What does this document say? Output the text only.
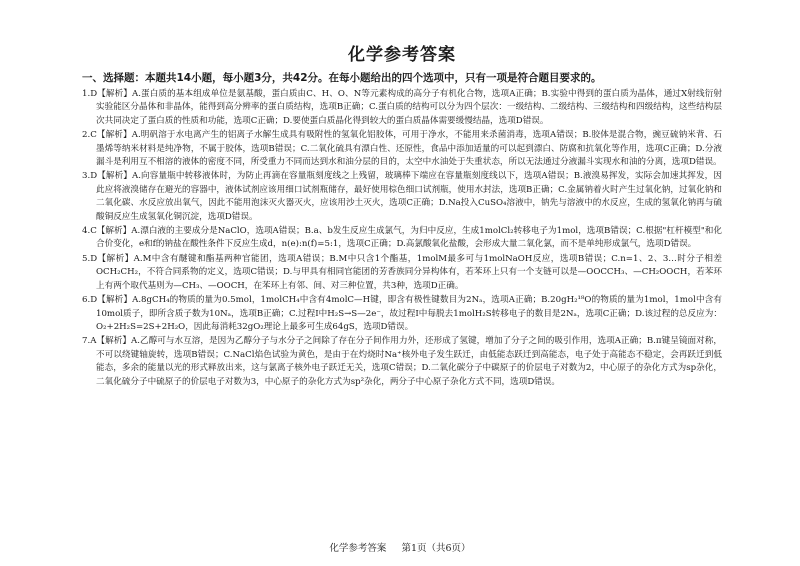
化学参考答案
一、选择题：本题共14小题，每小题3分，共42分。在每小题给出的四个选项中，只有一项是符合题目要求的。
1.D【解析】A.蛋白质的基本组成单位是氨基酸，蛋白质由C、H、O、N等元素构成的高分子有机化合物，选项A正确；B.实验中得到的蛋白质为晶体，通过X射线衍射实验能区分晶体和非晶体，能得到高分辨率的蛋白质结构，选项B正确；C.蛋白质的结构可以分为四个层次：一级结构、二级结构、三级结构和四级结构，这些结构层次共同决定了蛋白质的性质和功能，选项C正确；D.要使蛋白质晶化得到较大的蛋白质晶体需要缓慢结晶，选项D错误。
2.C【解析】A.明矾溶于水电离产生的铝离子水解生成具有吸附性的氢氧化铝胶体，可用于净水，不能用来杀菌消毒，选项A错误；B.胶体是混合物，豌豆硫钠米背、石墨烯等纳米材料是纯净物，不属于胶体，选项B错误；C.二氧化硫具有漂白性、还原性，食品中添加适量的可以起到漂白、防腐和抗氧化等作用，选项C正确；D.分液漏斗是利用互不相溶的液体的密度不同，所受重力不同而达到水和油分层的目的，太空中水油处于失重状态，所以无法通过分液漏斗实现水和油的分离，选项D错误。
3.D【解析】A.向容量瓶中转移液体时，为防止再滴在容量瓶刻度线之上残留，玻璃棒下端应在容量瓶刻度线以下，选项A错误；B.液溴易挥发，实际会加速其挥发，因此应将液溴储存在避光的容器中，液体试剂应该用细口试剂瓶储存，最好使用棕色细口试剂瓶，使用水封法，选项B正确；C.金属钠着火时产生过氧化钠，过氧化钠和二氧化碳、水反应放出氧气，因此不能用泡沫灭火器灭火，应该用沙土灭火，选项C正确；D.Na投入CuSO₄溶液中，钠先与溶液中的水反应，生成的氢氧化钠再与硫酸铜反应生成氢氧化铜沉淀，选项D错误。
4.C【解析】A.漂白液的主要成分是NaClO，选项A错误；B.a、b发生反应生成氯气，为归中反应，生成1molCl₂转移电子为1mol，选项B错误；C.根据"杠杆模型"和化合价变化，e和f的钠盐在酸性条件下反应生成d，n(e):n(f)=5:1，选项C正确；D.高氯酸氧化盐酸，会形成大量二氧化氯，而不是单纯形成氯气，选项D错误。
5.D【解析】A.M中含有醚键和酯基两种官能团，选项A错误；B.M中只含1个酯基，1molM最多可与1molNaOH反应，选项B错误；C.n=1、2、3…时分子相差OCH₂CH₂，不符合同系物的定义，选项C错误；D.与甲具有相同官能团的芳香族同分异构体有，若苯环上只有一个支链可以是—OOCCH₃、—CH₂OOCH，若苯环上有两个取代基则为—CH₃、—OOCH，在苯环上有邻、间、对三种位置，共3种，选项D正确。
6.D【解析】A.8gCH₄的物质的量为0.5mol，1molCH₄中含有4molC—H键，即含有极性键数目为2Nₐ，选项A正确；B.20gH₂¹⁸O的物质的量为1mol，1mol中含有10mol质子，即所含质子数为10Nₐ，选项B正确；C.过程Ⅰ中H₂S→S—2e⁻，故过程Ⅰ中每脱去1molH₂S转移电子的数目是2Nₐ，选项C正确；D.该过程的总反应为：O₂+2H₂S=2S+2H₂O，因此每消耗32gO₂理论上最多可生成64gS，选项D错误。
7.A【解析】A.乙醇可与水互溶，是因为乙醇分子与水分子之间除了存在分子间作用力外，还形成了氢键，增加了分子之间的吸引作用，选项A正确；B.π键呈镜面对称，不可以绕键轴旋转，选项B错误；C.NaCl焰色试验为黄色，是由于在灼烧时Na⁺核外电子发生跃迁，由低能态跃迁到高能态，电子处于高能态不稳定，会再跃迁到低能态，多余的能量以光的形式释放出来，这与氯离子核外电子跃迁无关，选项C错误；D.二氧化碳分子中碳原子的价层电子对数为2，中心原子的杂化方式为sp杂化，二氧化硫分子中硫原子的价层电子对数为3，中心原子的杂化方式为sp²杂化，两分子中心原子杂化方式不同，选项D错误。
化学参考答案 第1页（共6页）
